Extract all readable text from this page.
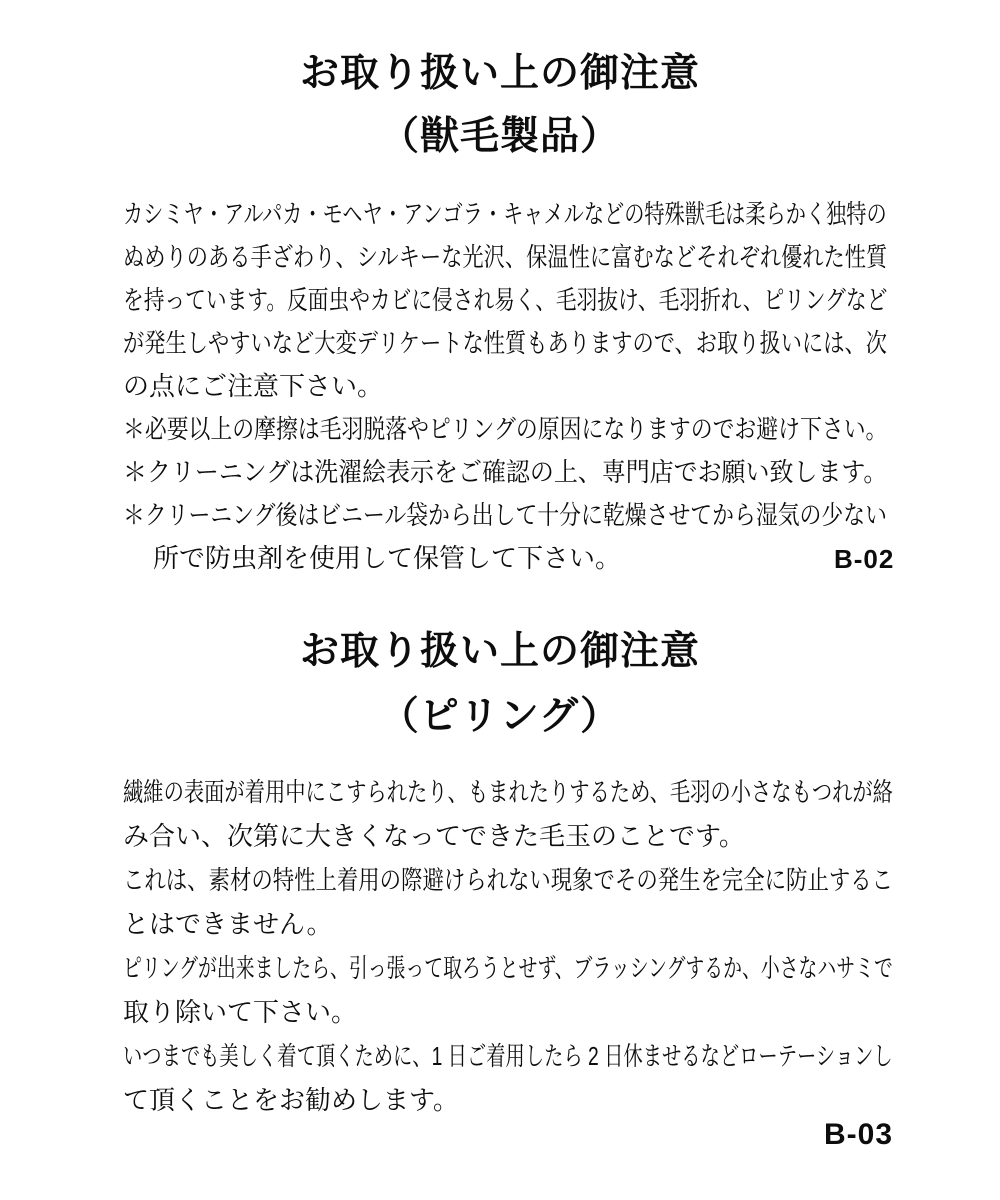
お取り扱い上の御注意
（獣毛製品）
カシミヤ・アルパカ・モヘヤ・アンゴラ・キャメルなどの特殊獣毛は柔らかく独特の
ぬめりのある手ざわり、シルキーな光沢、保温性に富むなどそれぞれ優れた性質
を持っています。反面虫やカビに侵され易く、毛羽抜け、毛羽折れ、ピリングなど
が発生しやすいなど大変デリケートな性質もありますので、お取り扱いには、次
の点にご注意下さい。
＊必要以上の摩擦は毛羽脱落やピリングの原因になりますのでお避け下さい。
＊クリーニングは洗濯絵表示をご確認の上、専門店でお願い致します。
＊クリーニング後はビニール袋から出して十分に乾燥させてから湿気の少ない
所で防虫剤を使用して保管して下さい。	B-02
お取り扱い上の御注意
（ピリング）
繊維の表面が着用中にこすられたり、もまれたりするため、毛羽の小さなもつれが絡
み合い、次第に大きくなってできた毛玉のことです。
これは、素材の特性上着用の際避けられない現象でその発生を完全に防止するこ
とはできません。
ピリングが出来ましたら、引っ張って取ろうとせず、ブラッシングするか、小さなハサミで
取り除いて下さい。
いつまでも美しく着て頂くために、1 日ご着用したら 2 日休ませるなどローテーションし
て頂くことをお勧めします。
B-03
